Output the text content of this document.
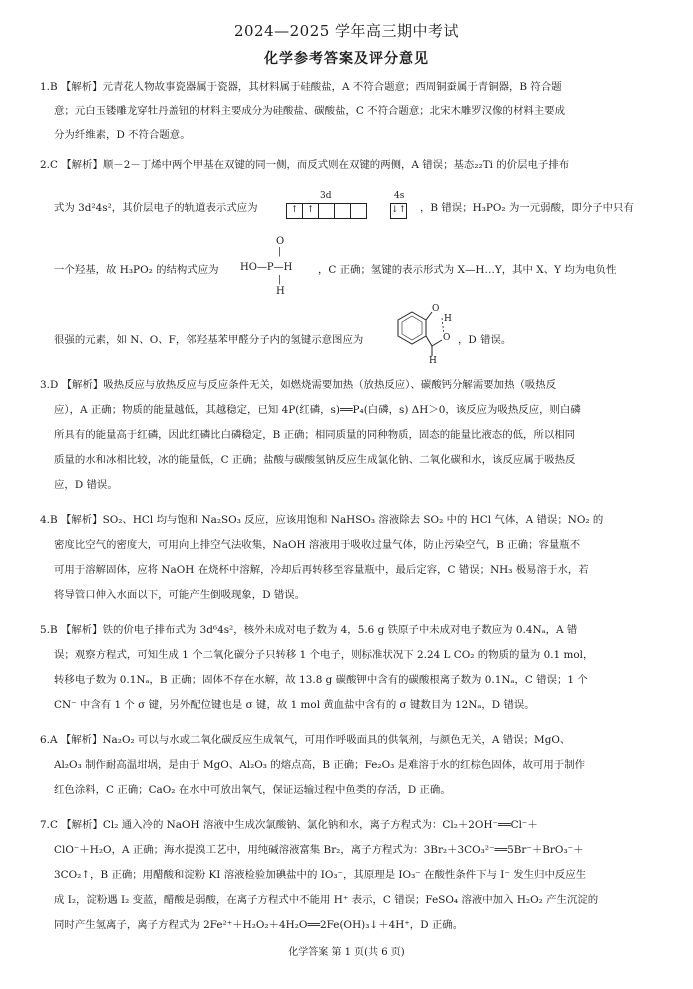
2024—2025 学年高三期中考试
化学参考答案及评分意见
1.B 【解析】元青花人物故事瓷器属于瓷器，其材料属于硅酸盐，A 不符合题意；西周铜蚕属于青铜器，B 符合题
意；元白玉镂雕龙穿牡丹盖钮的材料主要成分为硅酸盐、碳酸盐，C 不符合题意；北宋木雕罗汉像的材料主要成
分为纤维素，D 不符合题意。
2.C 【解析】顺－2－丁烯中两个甲基在双键的同一侧，而反式则在双键的两侧，A 错误；基态₂₂Ti 的价层电子排布
式为 3d²4s²，其价层电子的轨道表示式应为
3d	4s
↑ ↑	↓↑ ，B 错误；H₃PO₂ 为一元弱酸，即分子中只有
一个羟基，故 H₃PO₂ 的结构式应为
O
|
HO—P—H
|
H
，C 正确；氢键的表示形式为 X—H…Y，其中 X、Y 均为电负性
很强的元素，如 N、O、F，邻羟基苯甲醛分子内的氢键示意图应为
O
H
O
H
，D 错误。
3.D 【解析】吸热反应与放热反应与反应条件无关，如燃烧需要加热（放热反应）、碳酸钙分解需要加热（吸热反
应），A 正确；物质的能量越低，其越稳定，已知 4P(红磷，s)══P₄(白磷，s) ΔH＞0，该反应为吸热反应，则白磷
所具有的能量高于红磷，因此红磷比白磷稳定，B 正确；相同质量的同种物质，固态的能量比液态的低，所以相同
质量的水和冰相比较，冰的能量低，C 正确；盐酸与碳酸氢钠反应生成氯化钠、二氧化碳和水，该反应属于吸热反
应，D 错误。
4.B 【解析】SO₂、HCl 均与饱和 Na₂SO₃ 反应，应该用饱和 NaHSO₃ 溶液除去 SO₂ 中的 HCl 气体，A 错误；NO₂ 的
密度比空气的密度大，可用向上排空气法收集，NaOH 溶液用于吸收过量气体，防止污染空气，B 正确；容量瓶不
可用于溶解固体，应将 NaOH 在烧杯中溶解，冷却后再转移至容量瓶中，最后定容，C 错误；NH₃ 极易溶于水，若
将导管口伸入水面以下，可能产生倒吸现象，D 错误。
5.B 【解析】铁的价电子排布式为 3d⁶4s²，核外未成对电子数为 4，5.6 g 铁原子中未成对电子数应为 0.4Nₐ，A 错
误；观察方程式，可知生成 1 个二氧化碳分子只转移 1 个电子，则标准状况下 2.24 L CO₂ 的物质的量为 0.1 mol，
转移电子数为 0.1Nₐ，B 正确；固体不存在水解，故 13.8 g 碳酸钾中含有的碳酸根离子数为 0.1Nₐ，C 错误；1 个
CN⁻ 中含有 1 个 σ 键，另外配位键也是 σ 键，故 1 mol 黄血盐中含有的 σ 键数目为 12Nₐ，D 错误。
6.A 【解析】Na₂O₂ 可以与水或二氧化碳反应生成氧气，可用作呼吸面具的供氧剂，与颜色无关，A 错误；MgO、
Al₂O₃ 制作耐高温坩埚，是由于 MgO、Al₂O₃ 的熔点高，B 正确；Fe₂O₃ 是难溶于水的红棕色固体，故可用于制作
红色涂料，C 正确；CaO₂ 在水中可放出氧气，保证运输过程中鱼类的存活，D 正确。
7.C 【解析】Cl₂ 通入冷的 NaOH 溶液中生成次氯酸钠、氯化钠和水，离子方程式为：Cl₂＋2OH⁻══Cl⁻＋
ClO⁻＋H₂O，A 正确；海水提溴工艺中，用纯碱溶液富集 Br₂，离子方程式为：3Br₂＋3CO₃²⁻══5Br⁻＋BrO₃⁻＋
3CO₂↑，B 正确；用醋酸和淀粉 KI 溶液检验加碘盐中的 IO₃⁻，其原理是 IO₃⁻ 在酸性条件下与 I⁻ 发生归中反应生
成 I₂，淀粉遇 I₂ 变蓝，醋酸是弱酸，在离子方程式中不能用 H⁺ 表示，C 错误；FeSO₄ 溶液中加入 H₂O₂ 产生沉淀的
同时产生氢离子，离子方程式为 2Fe²⁺＋H₂O₂＋4H₂O══2Fe(OH)₃↓＋4H⁺，D 正确。
化学答案 第 1 页(共 6 页)
